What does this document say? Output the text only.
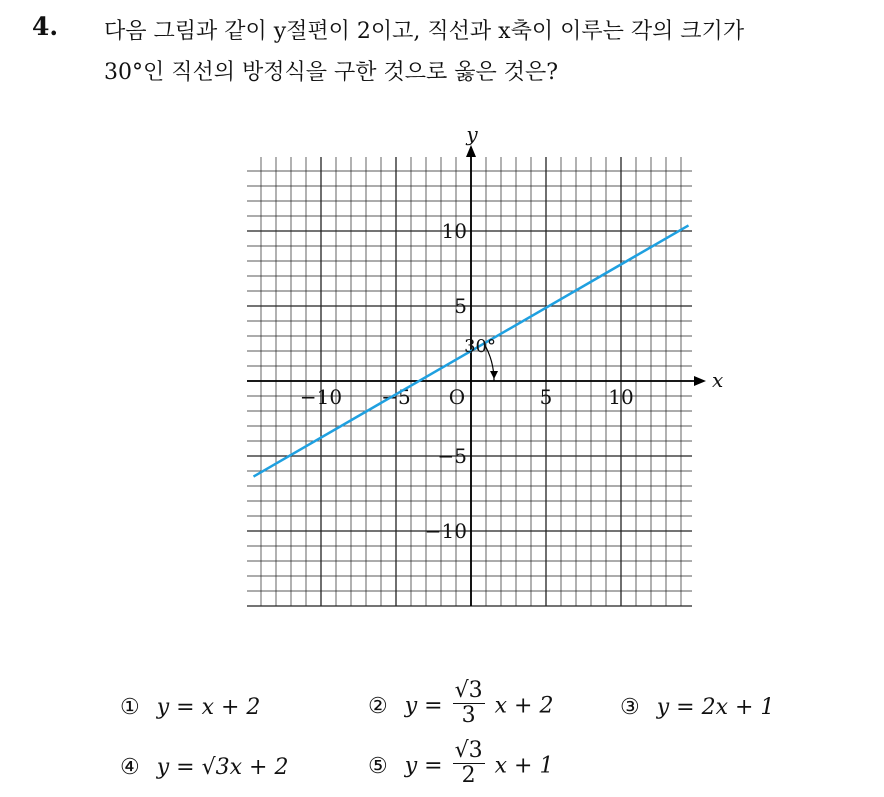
4. 다음 그림과 같이 y절편이 2이고, 직선과 x축이 이루는 각의 크기가
30°인 직선의 방정식을 구한 것으로 옳은 것은?
x
y
O
−10 −5	5	10
10
5
−5
−10
30°
① y = x + 2	② $y = \frac{√3}{3}$ x + 2	③ y = 2x + 1
④ y = √3x + 2	⑤ $y = \frac{√3}{2}$ x + 1
